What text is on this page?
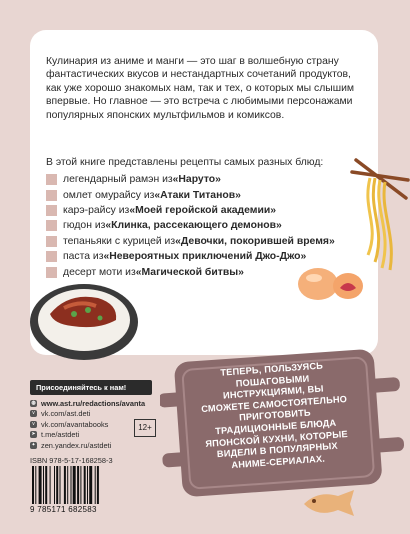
Кулинария из аниме и манги — это шаг в волшебную страну фантастических вкусов и нестандартных сочетаний продуктов, как уже хорошо знакомых нам, так и тех, о которых мы слышим впервые. Но главное — это встреча с любимыми персонажами популярных японских мультфильмов и комиксов.

В этой книге представлены рецепты самых разных блюд:

легендарный рамэн из «Наруто»
омлет омурайсу из «Атаки Титанов»
карэ-райсу из «Моей геройской академии»
гюдон из «Клинка, рассекающего демонов»
тепаньяки с курицей из «Девочки, покорившей время»
паста из «Невероятных приключений Джо-Джо»
десерт моти из «Магической битвы»

ТЕПЕРЬ, ПОЛЬЗУЯСЬ ПОШАГОВЫМИ ИНСТРУКЦИЯМИ, ВЫ СМОЖЕТЕ САМОСТОЯТЕЛЬНО ПРИГОТОВИТЬ ТРАДИЦИОННЫЕ БЛЮДА ЯПОНСКОЙ КУХНИ, КОТОРЫЕ ВИДЕЛИ В ПОПУЛЯРНЫХ АНИМЕ-СЕРИАЛАХ.

Присоединяйтесь к нам!
◍ www.ast.ru/redactions/avanta
v vk.com/ast.deti
v vk.com/avantabooks
➤ t.me/astdeti
✦ zen.yandex.ru/astdeti
12+
ISBN 978-5-17-168258-3
9 785171 682583
